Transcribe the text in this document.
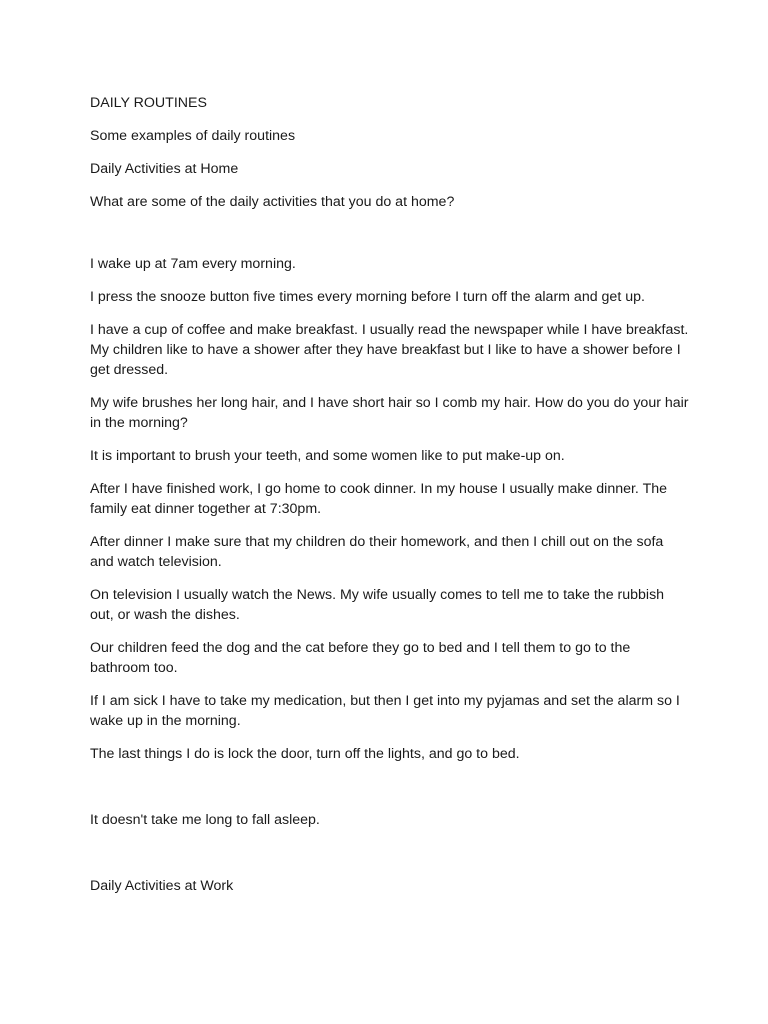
DAILY ROUTINES

Some examples of daily routines

Daily Activities at Home

What are some of the daily activities that you do at home?

I wake up at 7am every morning.

I press the snooze button five times every morning before I turn off the alarm and get up.

I have a cup of coffee and make breakfast. I usually read the newspaper while I have breakfast. My children like to have a shower after they have breakfast but I like to have a shower before I get dressed.

My wife brushes her long hair, and I have short hair so I comb my hair. How do you do your hair in the morning?

It is important to brush your teeth, and some women like to put make-up on.

After I have finished work, I go home to cook dinner. In my house I usually make dinner. The family eat dinner together at 7:30pm.

After dinner I make sure that my children do their homework, and then I chill out on the sofa and watch television.

On television I usually watch the News. My wife usually comes to tell me to take the rubbish out, or wash the dishes.

Our children feed the dog and the cat before they go to bed and I tell them to go to the bathroom too.

If I am sick I have to take my medication, but then I get into my pyjamas and set the alarm so I wake up in the morning.

The last things I do is lock the door, turn off the lights, and go to bed.

It doesn't take me long to fall asleep.

Daily Activities at Work
